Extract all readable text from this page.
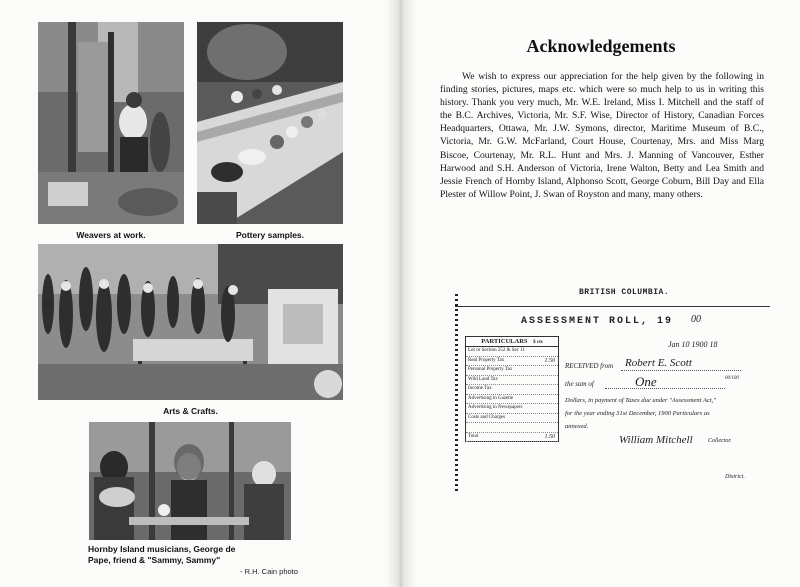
Weavers at work.	Pottery samples.
Arts & Crafts.
Hornby Island musicians, George de
Pape, friend & "Sammy, Sammy"
- R.H. Cain photo
Acknowledgements
We wish to express our appreciation for the help given by the following in finding stories, pictures, maps etc. which were so much help to us in writing this history. Thank you very much, Mr. W.E. Ireland, Miss I. Mitchell and the staff of the B.C. Archives, Victoria, Mr. S.F. Wise, Director of History, Canadian Forces Headquarters, Ottawa, Mr. J.W. Symons, director, Maritime Museum of B.C., Victoria, Mr. G.W. McFarland, Court House, Courtenay, Mrs. and Miss Marg Biscoe, Courtenay, Mr. R.L. Hunt and Mrs. J. Manning of Vancouver, Esther Harwood and S.H. Anderson of Victoria, Irene Walton, Betty and Lea Smith and Jessie French of Hornby Island, Alphonso Scott, George Coburn, Bill Day and Ella Plester of Willow Point, J. Swan of Royston and many, many others.
BRITISH COLUMBIA.
ASSESSMENT ROLL, 19 00
Jan 10 1900 18
PARTICULARS $ cts
Lot or Section 252 & Sec 11
Real Property Tax	1.50
Personal Property Tax
Wild Land Tax
Income Tax
Advertising in Gazette
Advertising in Newspapers
Costs and Charges
Total	1.50
RECEIVED from Robert E. Scott
the sum of	One	00/100
Dollars, in payment of Taxes due under "Assessment Act,"
for the year ending 31st December, 1900 Particulars as
annexed.
William Mitchell	Collector.
District.
